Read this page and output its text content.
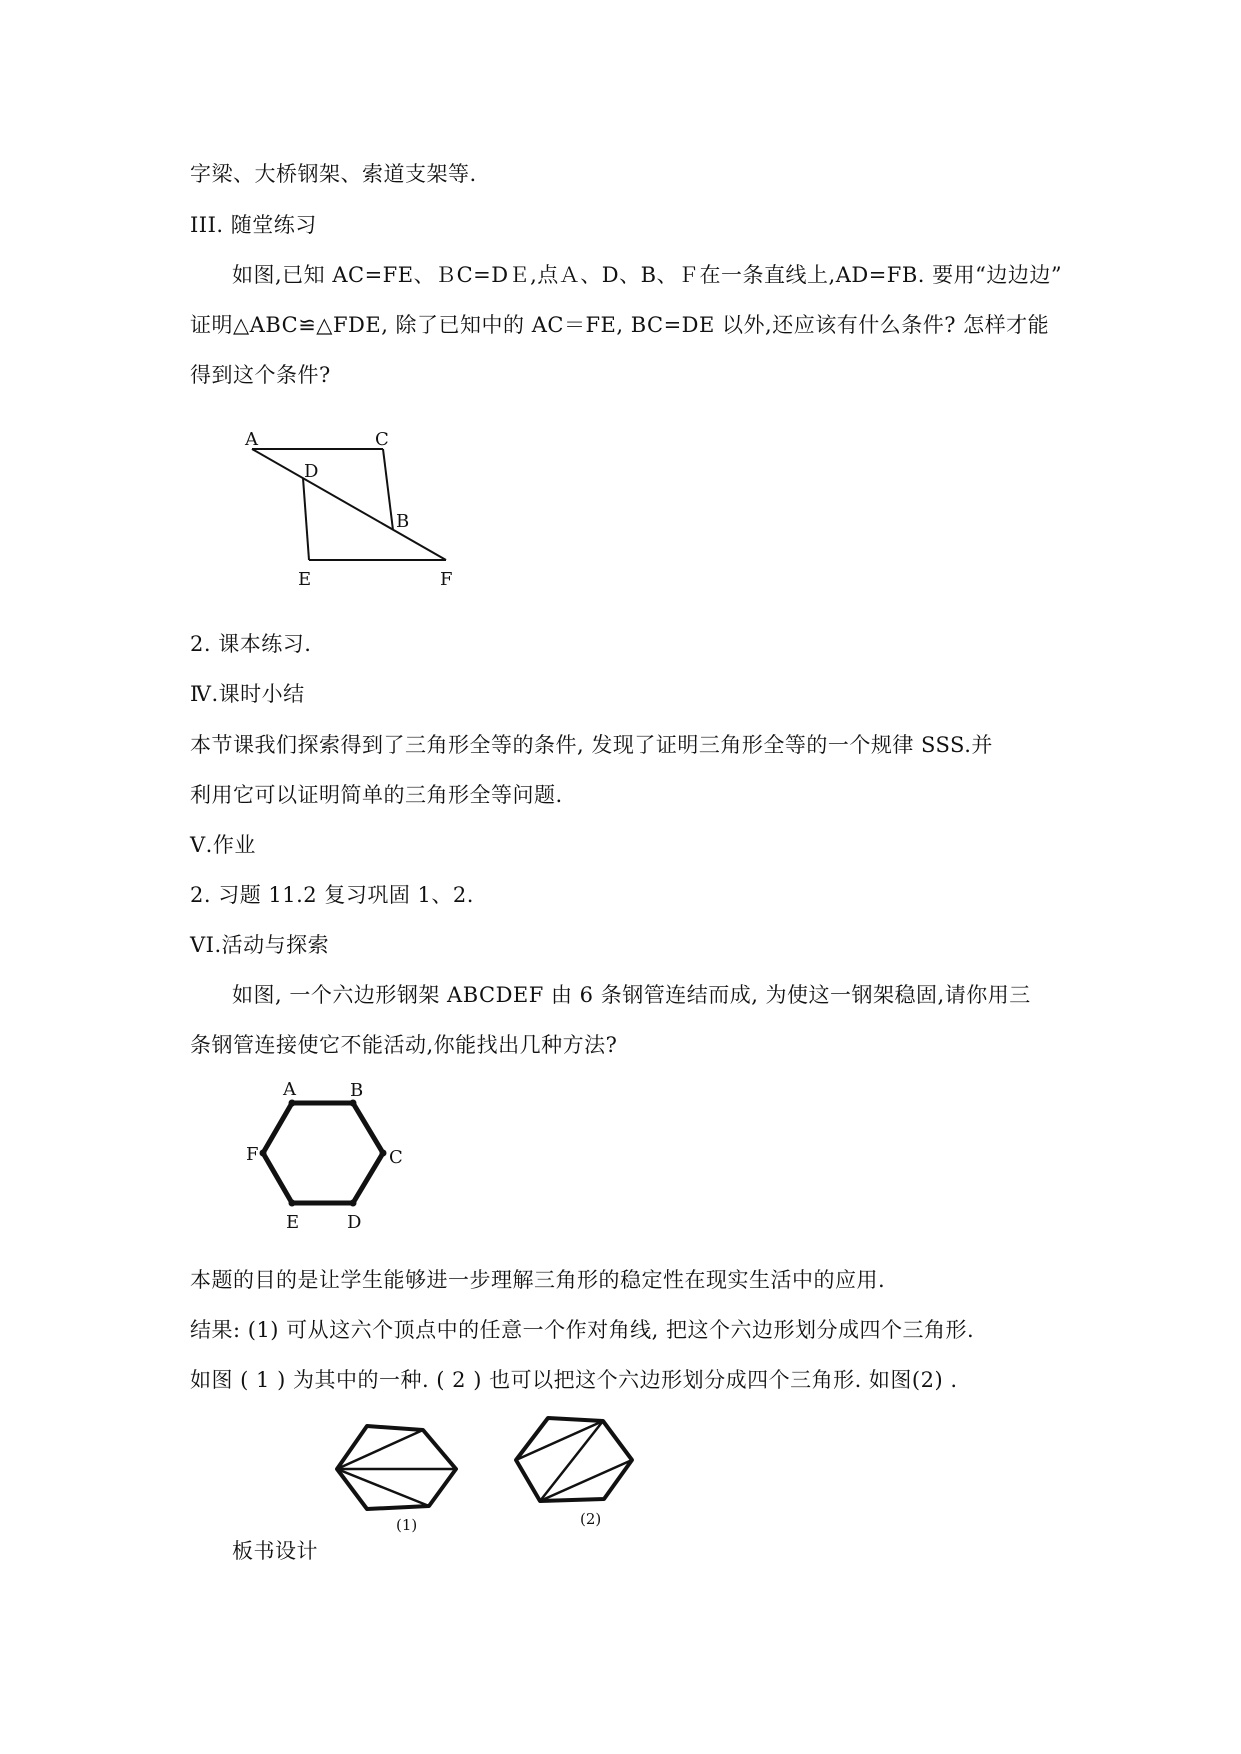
字梁、大桥钢架、索道支架等.
III. 随堂练习
如图,已知 AC=FE、ＢC=DＥ,点Ａ、D、B、Ｆ在一条直线上,AD=FB. 要用“边边边”
证明△ABC≌△FDE, 除了已知中的 AC＝FE, BC=DE 以外,还应该有什么条件? 怎样才能
得到这个条件?
A	C
D
B
E	F
2. 课本练习.
Ⅳ.课时小结
本节课我们探索得到了三角形全等的条件, 发现了证明三角形全等的一个规律 SSS.并
利用它可以证明简单的三角形全等问题.
Ⅴ.作业
2. 习题 11.2 复习巩固 1、2.
VI.活动与探索
如图, 一个六边形钢架 ABCDEF 由 6 条钢管连结而成, 为使这一钢架稳固,请你用三
条钢管连接使它不能活动,你能找出几种方法?
A	B
C
D
E
F
本题的目的是让学生能够进一步理解三角形的稳定性在现实生活中的应用.
结果: (1) 可从这六个顶点中的任意一个作对角线, 把这个六边形划分成四个三角形.
如图 ( 1 ) 为其中的一种. ( 2 ) 也可以把这个六边形划分成四个三角形. 如图(2) .
(1)	(2)
板书设计
